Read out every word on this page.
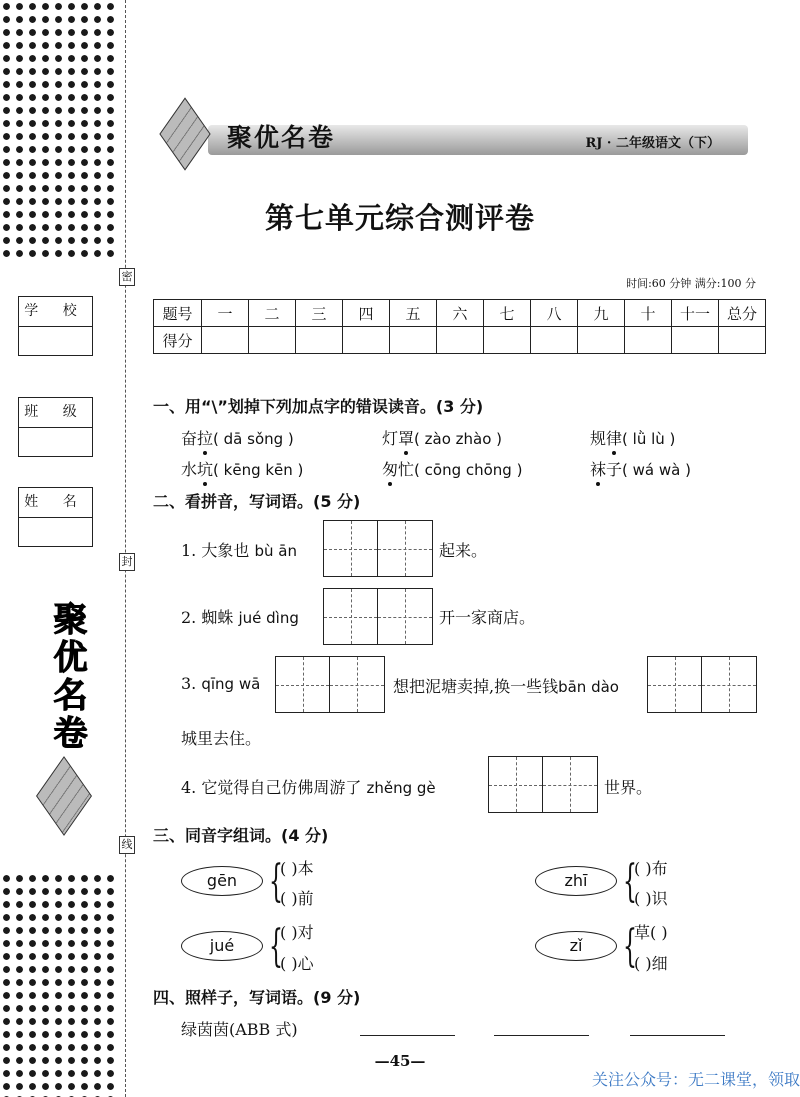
密
封
线
学 校
班 级
姓 名
聚优名卷
聚优名卷	RJ · 二年级语文（下）
第七单元综合测评卷
时间:60 分钟 满分:100 分
题号	一	二	三	四	五	六	七	八	九	十	十一	总分
得分												
一、用“\”划掉下列加点字的错误读音。(3 分)
奋拉( dā sǒng )	灯罩( zào zhào )	规律( lǜ lù )
水坑( kēng kēn )	匆忙( cōng chōng )	袜子( wá wà )
二、看拼音，写词语。(5 分)
1. 大象也 bù ān	起来。
2. 蜘蛛 jué dìng	开一家商店。
3. qīng wā	想把泥塘卖掉,换一些钱bān dào
城里去住。
4. 它觉得自己仿佛周游了 zhěng gè	世界。
三、同音字组词。(4 分)
gēn {
( )本
( )前
zhī {
( )布
( )识
jué {
( )对
( )心
zǐ {
草( )
( )细
四、照样子，写词语。(9 分)
绿茵茵(ABB 式)
—45—
关注公众号：无二课堂，领取
